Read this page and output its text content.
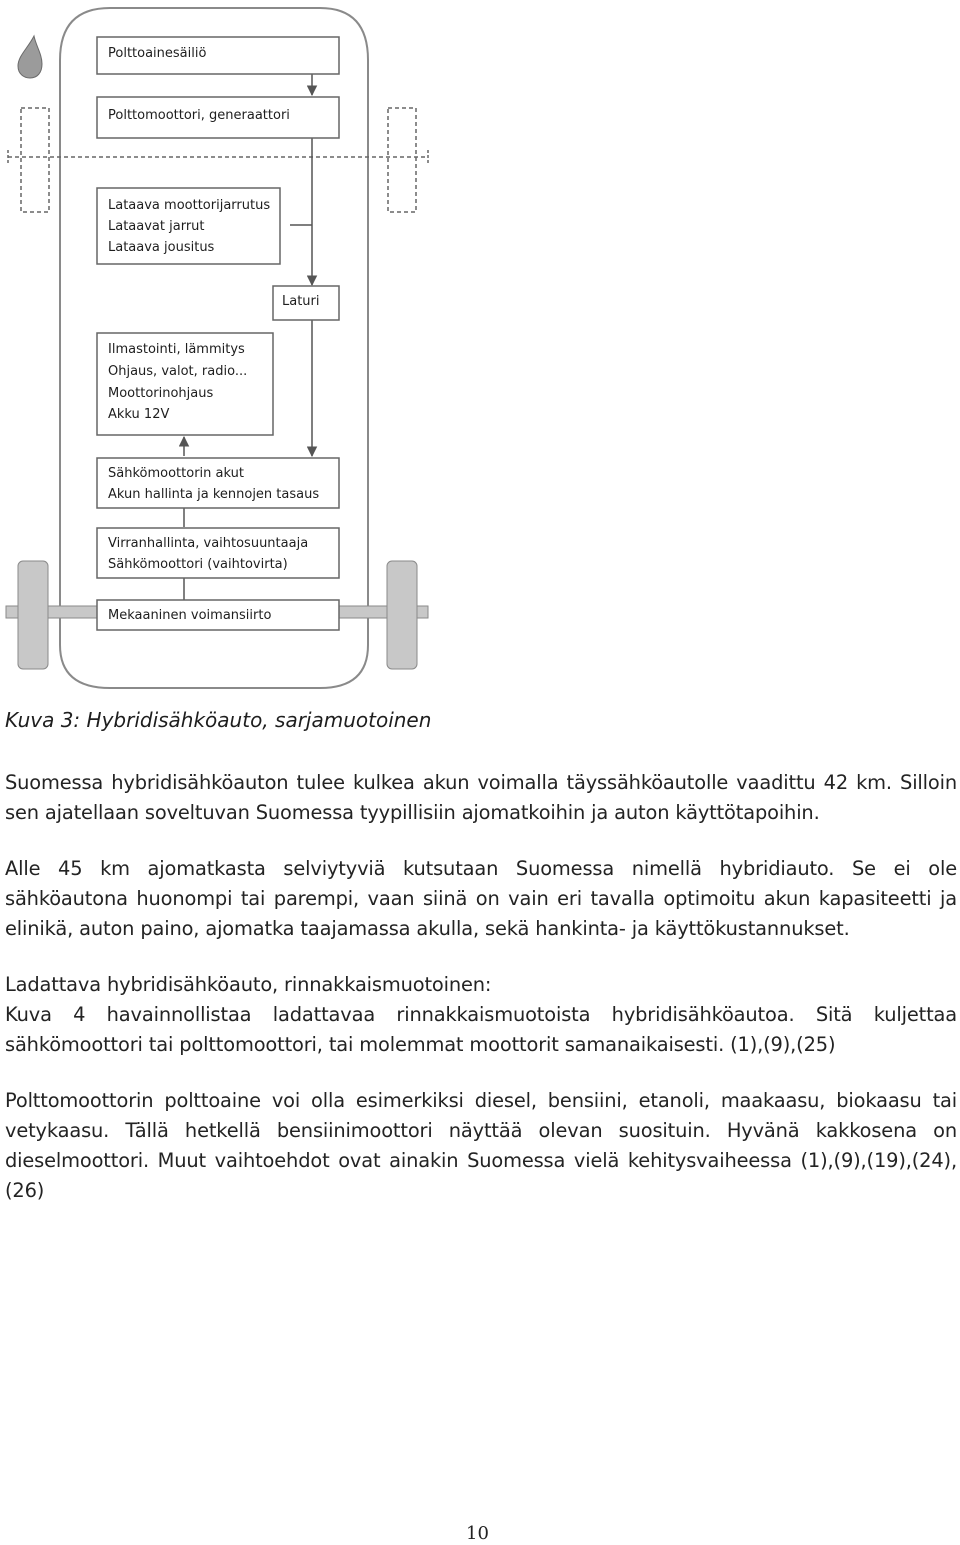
Polttoainesäiliö
Polttomoottori, generaattori
Lataava moottorijarrutus
Lataavat jarrut
Lataava jousitus
Laturi
Ilmastointi, lämmitys
Ohjaus, valot, radio...
Moottorinohjaus
Akku 12V
Sähkömoottorin akut
Akun hallinta ja kennojen tasaus
Virranhallinta, vaihtosuuntaaja
Sähkömoottori (vaihtovirta)
Mekaaninen voimansiirto

Kuva 3: Hybridisähköauto, sarjamuotoinen

Suomessa hybridisähköauton tulee kulkea akun voimalla täyssähköautolle vaadittu 42 km. Silloin sen ajatellaan soveltuvan Suomessa tyypillisiin ajomatkoihin ja auton käyttötapoihin.

Alle 45 km ajomatkasta selviytyviä kutsutaan Suomessa nimellä hybridiauto. Se ei ole sähköautona huonompi tai parempi, vaan siinä on vain eri tavalla optimoitu akun kapasiteetti ja elinikä, auton paino, ajomatka taajamassa akulla, sekä hankinta- ja käyttökustannukset.

Ladattava hybridisähköauto, rinnakkaismuotoinen:
Kuva 4 havainnollistaa ladattavaa rinnakkaismuotoista hybridisähköautoa. Sitä kuljettaa sähkömoottori tai polttomoottori, tai molemmat moottorit samanaikaisesti. (1),(9),(25)

Polttomoottorin polttoaine voi olla esimerkiksi diesel, bensiini, etanoli, maakaasu, biokaasu tai vetykaasu. Tällä hetkellä bensiinimoottori näyttää olevan suosituin. Hyvänä kakkosena on dieselmoottori. Muut vaihtoehdot ovat ainakin Suomessa vielä kehitysvaiheessa (1),(9),(19),(24),(26)

10
